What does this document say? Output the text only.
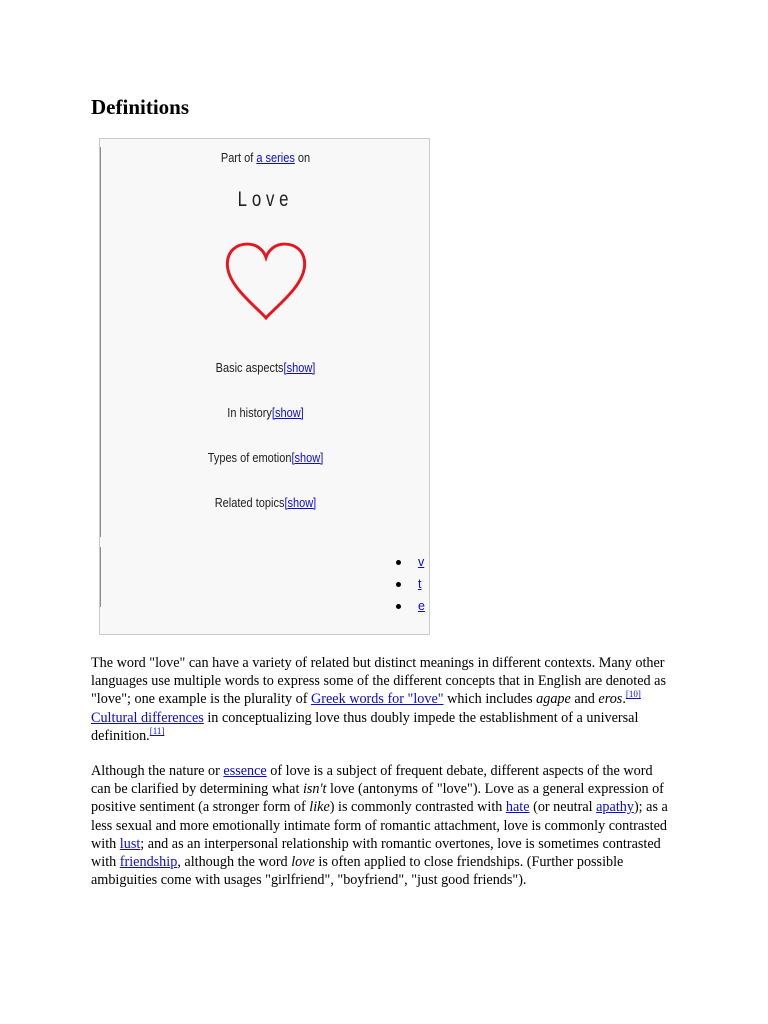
Definitions
Part of a series on
Love
Basic aspects[show]
In history[show]
Types of emotion[show]
Related topics[show]
v
t
e

The word "love" can have a variety of related but distinct meanings in different contexts. Many other languages use multiple words to express some of the different concepts that in English are denoted as "love"; one example is the plurality of Greek words for "love" which includes agape and eros.[10] Cultural differences in conceptualizing love thus doubly impede the establishment of a universal definition.[11]

Although the nature or essence of love is a subject of frequent debate, different aspects of the word can be clarified by determining what isn't love (antonyms of "love"). Love as a general expression of positive sentiment (a stronger form of like) is commonly contrasted with hate (or neutral apathy); as a less sexual and more emotionally intimate form of romantic attachment, love is commonly contrasted with lust; and as an interpersonal relationship with romantic overtones, love is sometimes contrasted with friendship, although the word love is often applied to close friendships. (Further possible ambiguities come with usages "girlfriend", "boyfriend", "just good friends").
